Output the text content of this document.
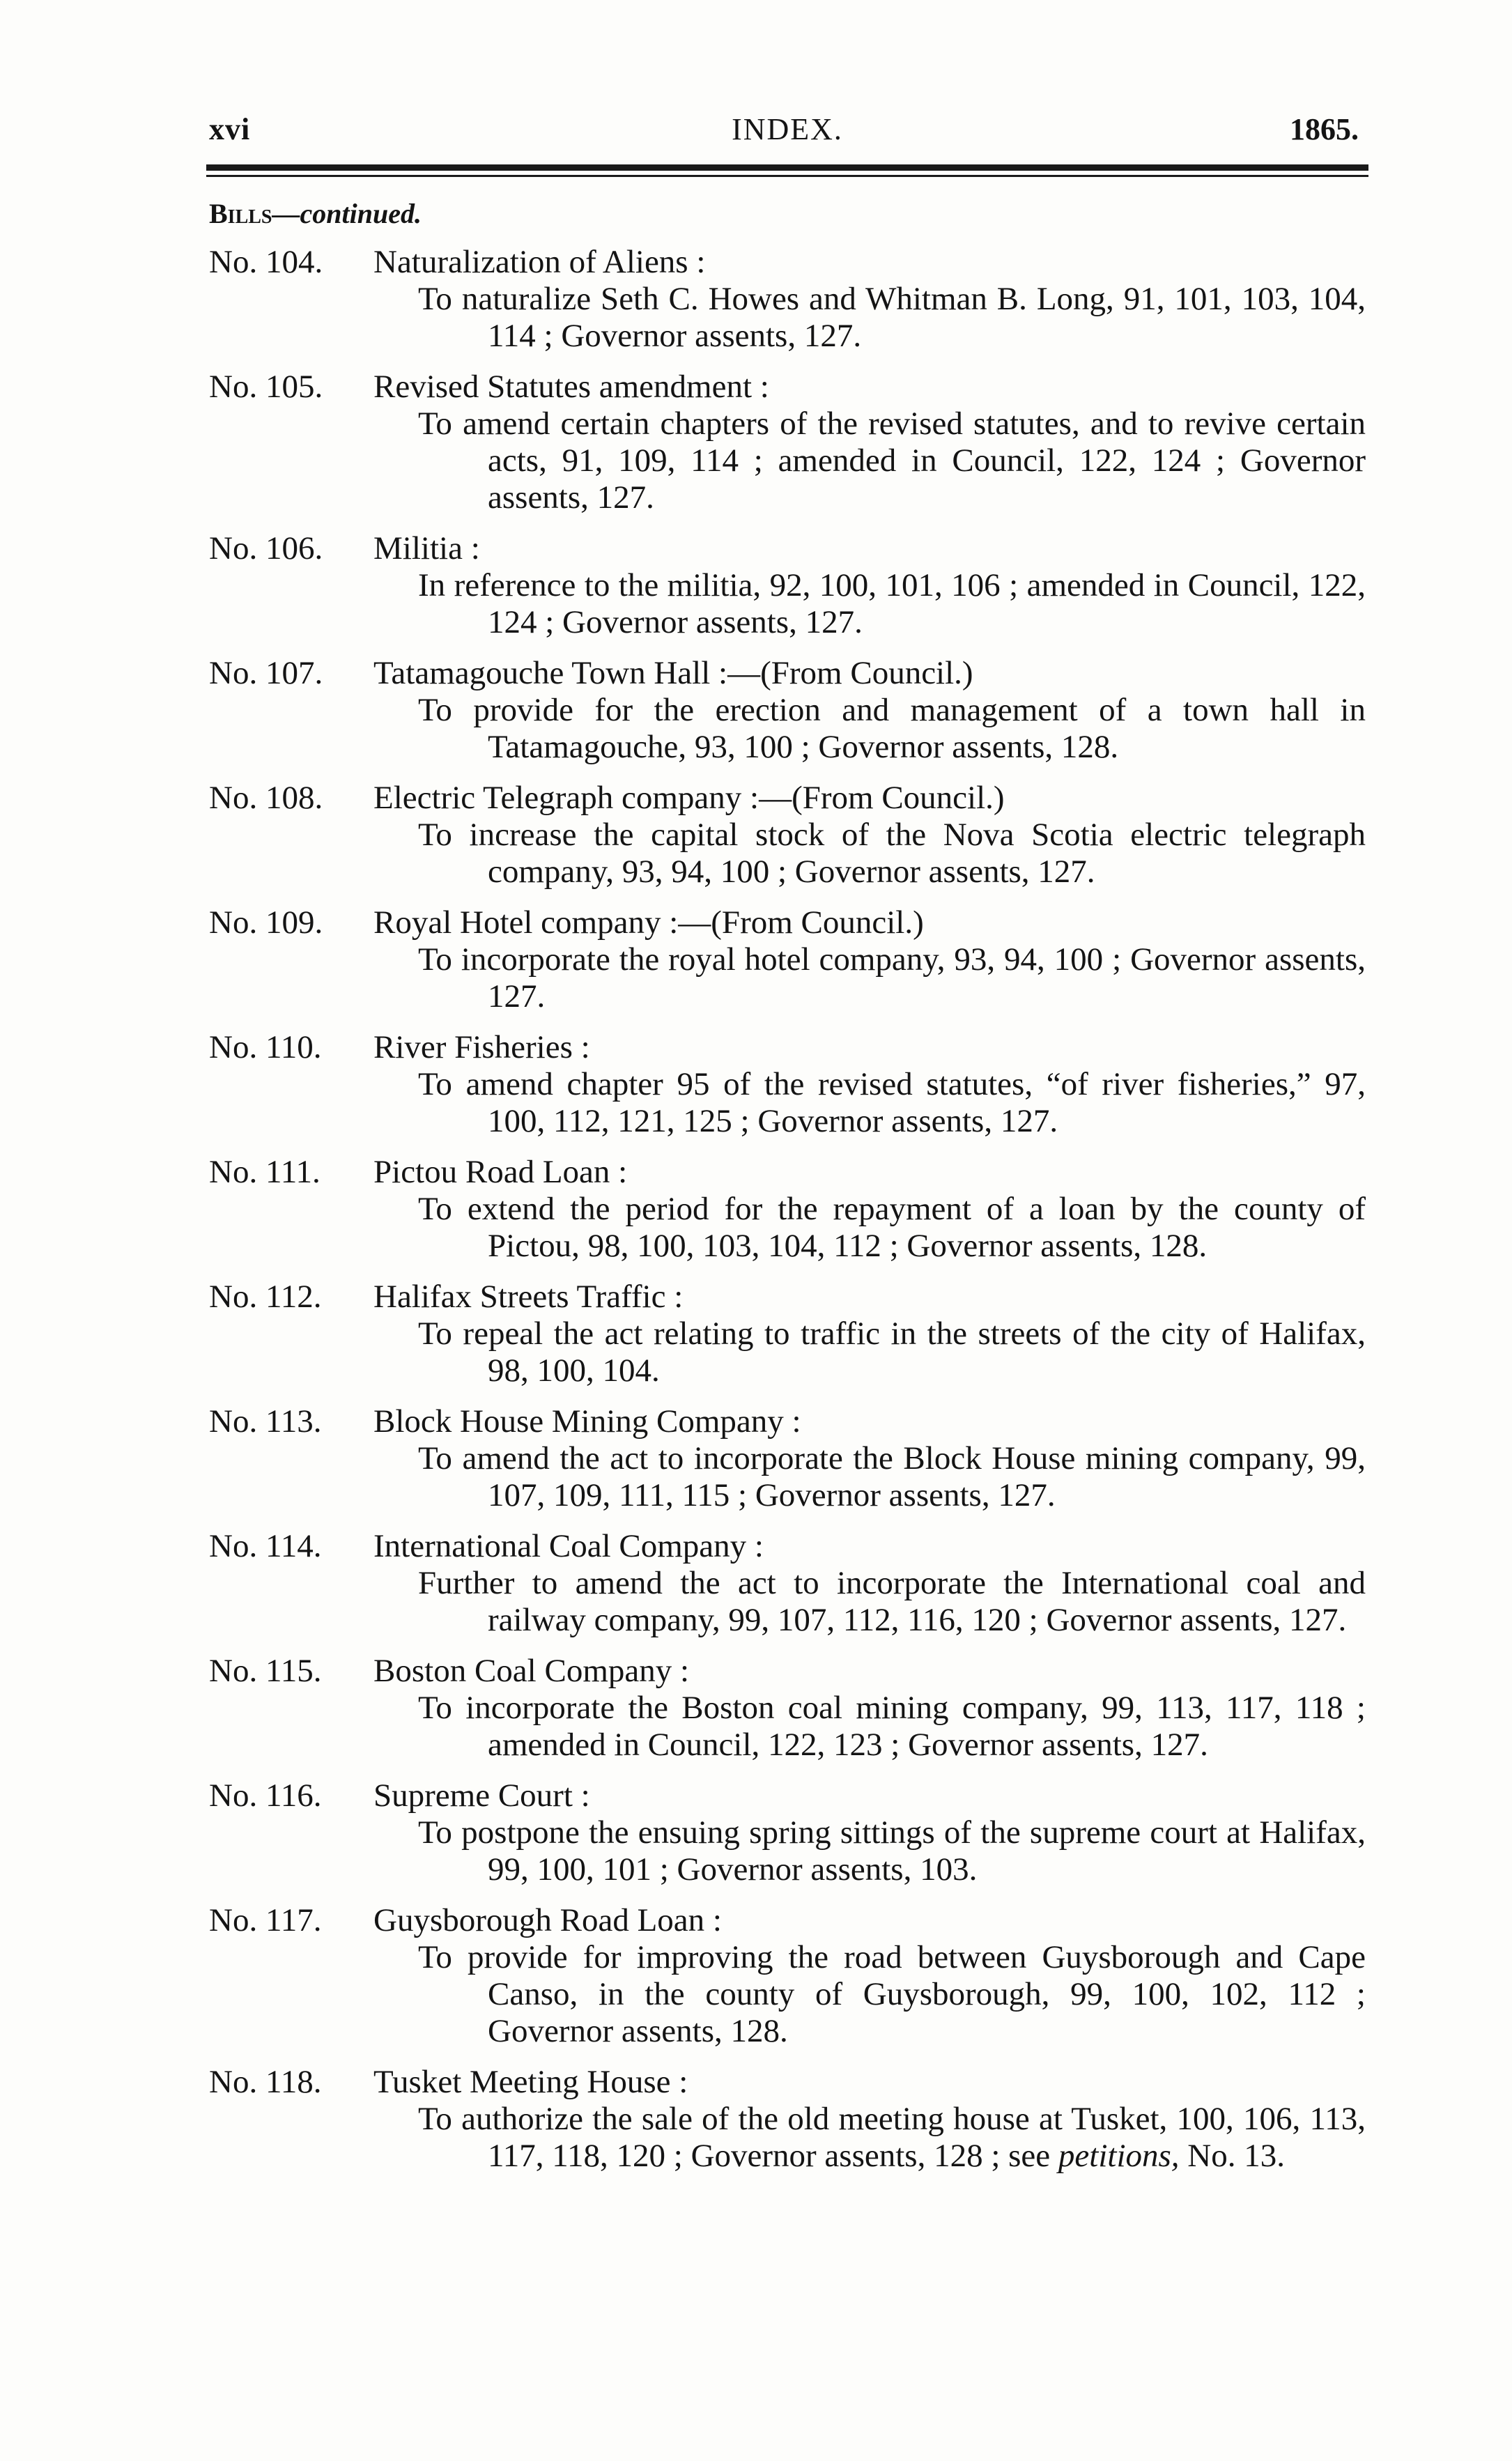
INDEX.
xvi	1865.
Bills—continued.
No. 104.	Naturalization of Aliens :
To naturalize Seth C. Howes and Whitman B. Long, 91, 101, 103, 104, 114 ; Governor assents, 127.
No. 105.	Revised Statutes amendment :
To amend certain chapters of the revised statutes, and to revive certain acts, 91, 109, 114 ; amended in Council, 122, 124 ; Governor assents, 127.
No. 106.	Militia :
In reference to the militia, 92, 100, 101, 106 ; amended in Council, 122, 124 ; Governor assents, 127.
No. 107.	Tatamagouche Town Hall :—(From Council.)
To provide for the erection and management of a town hall in Tatamagouche, 93, 100 ; Governor assents, 128.
No. 108.	Electric Telegraph company :—(From Council.)
To increase the capital stock of the Nova Scotia electric telegraph company, 93, 94, 100 ; Governor assents, 127.
No. 109.	Royal Hotel company :—(From Council.)
To incorporate the royal hotel company, 93, 94, 100 ; Governor assents, 127.
No. 110.	River Fisheries :
To amend chapter 95 of the revised statutes, “of river fisheries,” 97, 100, 112, 121, 125 ; Governor assents, 127.
No. 111.	Pictou Road Loan :
To extend the period for the repayment of a loan by the county of Pictou, 98, 100, 103, 104, 112 ; Governor assents, 128.
No. 112.	Halifax Streets Traffic :
To repeal the act relating to traffic in the streets of the city of Halifax, 98, 100, 104.
No. 113.	Block House Mining Company :
To amend the act to incorporate the Block House mining company, 99, 107, 109, 111, 115 ; Governor assents, 127.
No. 114.	International Coal Company :
Further to amend the act to incorporate the International coal and railway company, 99, 107, 112, 116, 120 ; Governor assents, 127.
No. 115.	Boston Coal Company :
To incorporate the Boston coal mining company, 99, 113, 117, 118 ; amended in Council, 122, 123 ; Governor assents, 127.
No. 116.	Supreme Court :
To postpone the ensuing spring sittings of the supreme court at Halifax, 99, 100, 101 ; Governor assents, 103.
No. 117.	Guysborough Road Loan :
To provide for improving the road between Guysborough and Cape Canso, in the county of Guysborough, 99, 100, 102, 112 ; Governor assents, 128.
No. 118.	Tusket Meeting House :
To authorize the sale of the old meeting house at Tusket, 100, 106, 113, 117, 118, 120 ; Governor assents, 128 ; see petitions, No. 13.
